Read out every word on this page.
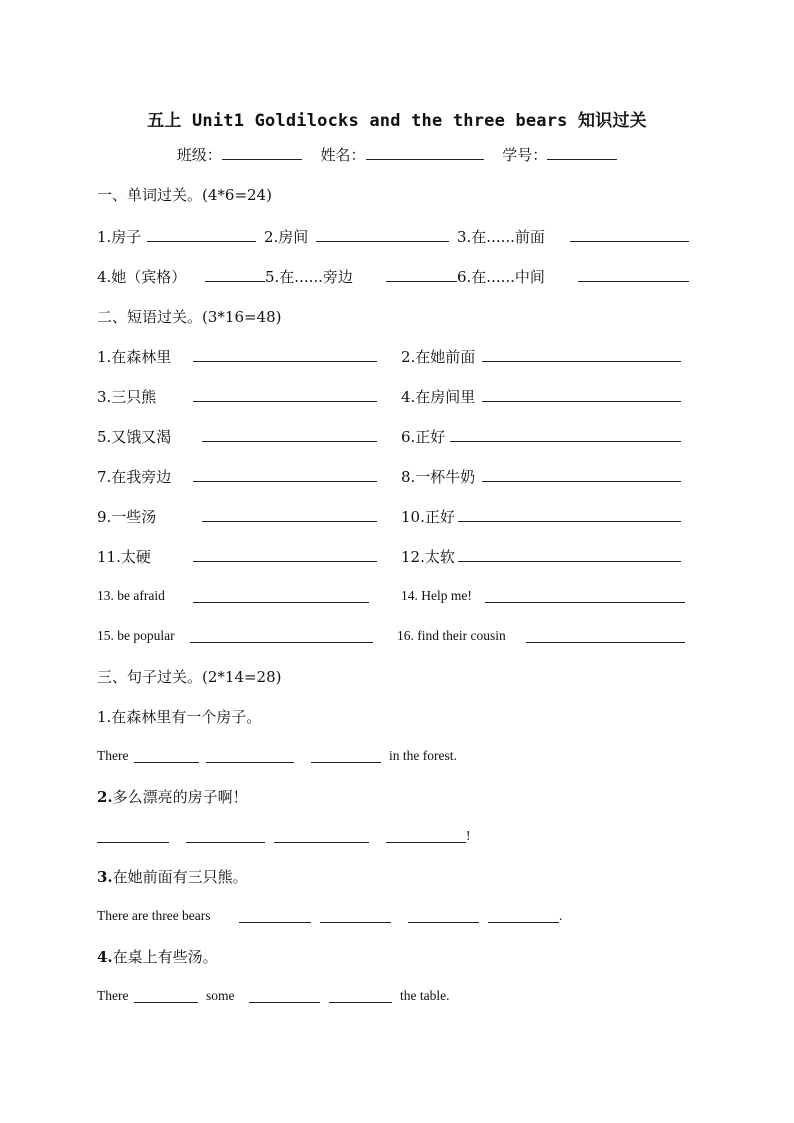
五上 Unit1 Goldilocks and the three bears 知识过关
班级：	姓名：	学号：
一、单词过关。(4*6=24)
1.房子	2.房间	3.在......前面
4.她（宾格）	5.在......旁边	6.在......中间
二、短语过关。(3*16=48)
1.在森林里	2.在她前面
3.三只熊	4.在房间里
5.又饿又渴	6.正好
7.在我旁边	8.一杯牛奶
9.一些汤	10.正好
11.太硬	12.太软
13. be afraid	14. Help me!
15. be popular	16. find their cousin
三、句子过关。(2*14=28)
1.在森林里有一个房子。
There	in the forest.
2.多么漂亮的房子啊！
!
3.在她前面有三只熊。
There are three bears	.
4.在桌上有些汤。
There	some	the table.
